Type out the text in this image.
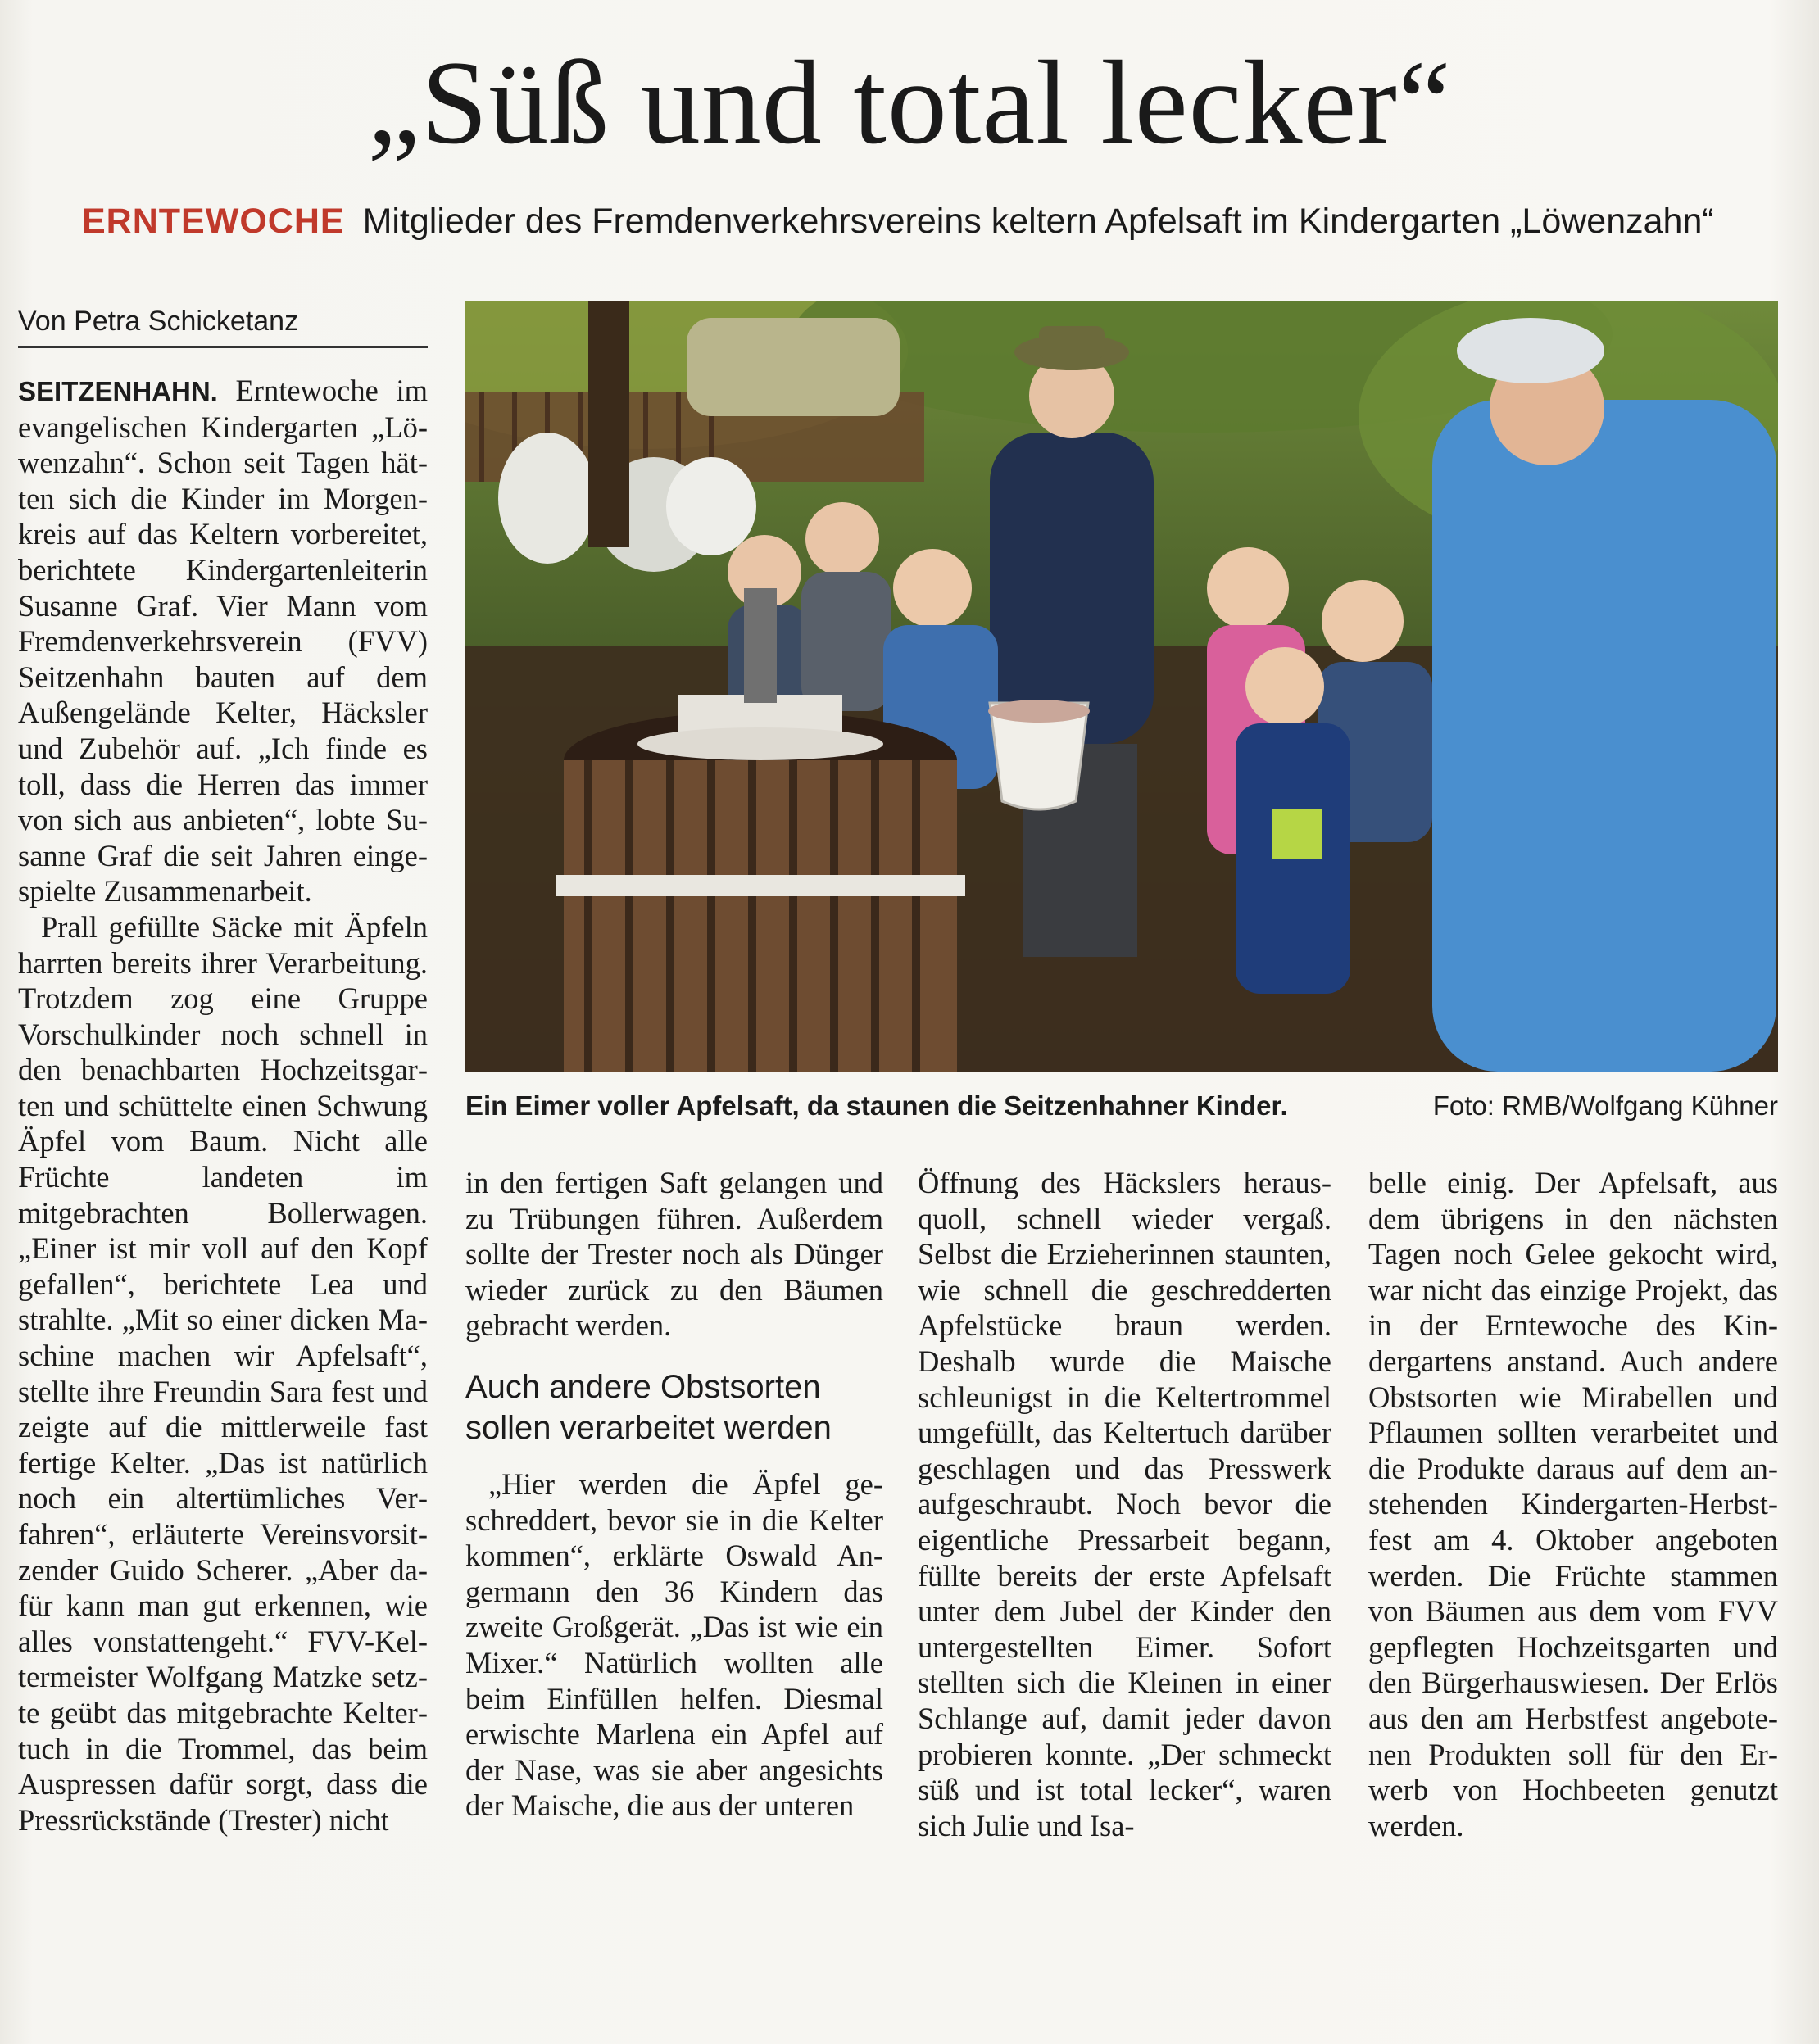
„Süß und total lecker“
ERNTEWOCHE Mitglieder des Fremdenverkehrsvereins keltern Apfelsaft im Kindergarten „Löwenzahn“
Von Petra Schicketanz
Ein Eimer voller Apfelsaft, da staunen die Seitzenhahner Kinder.	Foto: RMB/Wolfgang Kühner

SEITZENHAHN. Erntewoche im evangelischen Kindergarten „Löwenzahn“. Schon seit Tagen hätten sich die Kinder im Morgenkreis auf das Keltern vorbereitet, berichtete Kindergartenleiterin Susanne Graf. Vier Mann vom Fremdenverkehrsverein (FVV) Seitzenhahn bauten auf dem Außengelände Kelter, Häcksler und Zubehör auf. „Ich finde es toll, dass die Herren das immer von sich aus anbieten“, lobte Susanne Graf die seit Jahren eingespielte Zusammenarbeit.

Prall gefüllte Säcke mit Äpfeln harrten bereits ihrer Verarbeitung. Trotzdem zog eine Gruppe Vorschulkinder noch schnell in den benachbarten Hochzeitsgarten und schüttelte einen Schwung Äpfel vom Baum. Nicht alle Früchte landeten im mitgebrachten Bollerwagen. „Einer ist mir voll auf den Kopf gefallen“, berichtete Lea und strahlte. „Mit so einer dicken Maschine machen wir Apfelsaft“, stellte ihre Freundin Sara fest und zeigte auf die mittlerweile fast fertige Kelter. „Das ist natürlich noch ein altertümliches Verfahren“, erläuterte Vereinsvorsitzender Guido Scherer. „Aber dafür kann man gut erkennen, wie alles vonstattengeht.“ FVV-Keltermeister Wolfgang Matzke setzte geübt das mitgebrachte Keltertuch in die Trommel, das beim Auspressen dafür sorgt, dass die Pressrückstände (Trester) nicht

in den fertigen Saft gelangen und zu Trübungen führen. Außerdem sollte der Trester noch als Dünger wieder zurück zu den Bäumen gebracht werden.

Auch andere Obstsorten sollen verarbeitet werden

„Hier werden die Äpfel geschreddert, bevor sie in die Kelter kommen“, erklärte Oswald Angermann den 36 Kindern das zweite Großgerät. „Das ist wie ein Mixer.“ Natürlich wollten alle beim Einfüllen helfen. Diesmal erwischte Marlena ein Apfel auf der Nase, was sie aber angesichts der Maische, die aus der unteren

Öffnung des Häckslers herausquoll, schnell wieder vergaß. Selbst die Erzieherinnen staunten, wie schnell die geschredderten Apfelstücke braun werden. Deshalb wurde die Maische schleunigst in die Keltertrommel umgefüllt, das Keltertuch darüber geschlagen und das Presswerk aufgeschraubt. Noch bevor die eigentliche Pressarbeit begann, füllte bereits der erste Apfelsaft unter dem Jubel der Kinder den untergestellten Eimer. Sofort stellten sich die Kleinen in einer Schlange auf, damit jeder davon probieren konnte. „Der schmeckt süß und ist total lecker“, waren sich Julie und Isa-

belle einig. Der Apfelsaft, aus dem übrigens in den nächsten Tagen noch Gelee gekocht wird, war nicht das einzige Projekt, das in der Erntewoche des Kindergartens anstand. Auch andere Obstsorten wie Mirabellen und Pflaumen sollten verarbeitet und die Produkte daraus auf dem anstehenden Kindergarten-Herbstfest am 4. Oktober angeboten werden. Die Früchte stammen von Bäumen aus dem vom FVV gepflegten Hochzeitsgarten und den Bürgerhauswiesen. Der Erlös aus den am Herbstfest angebotenen Produkten soll für den Erwerb von Hochbeeten genutzt werden.
